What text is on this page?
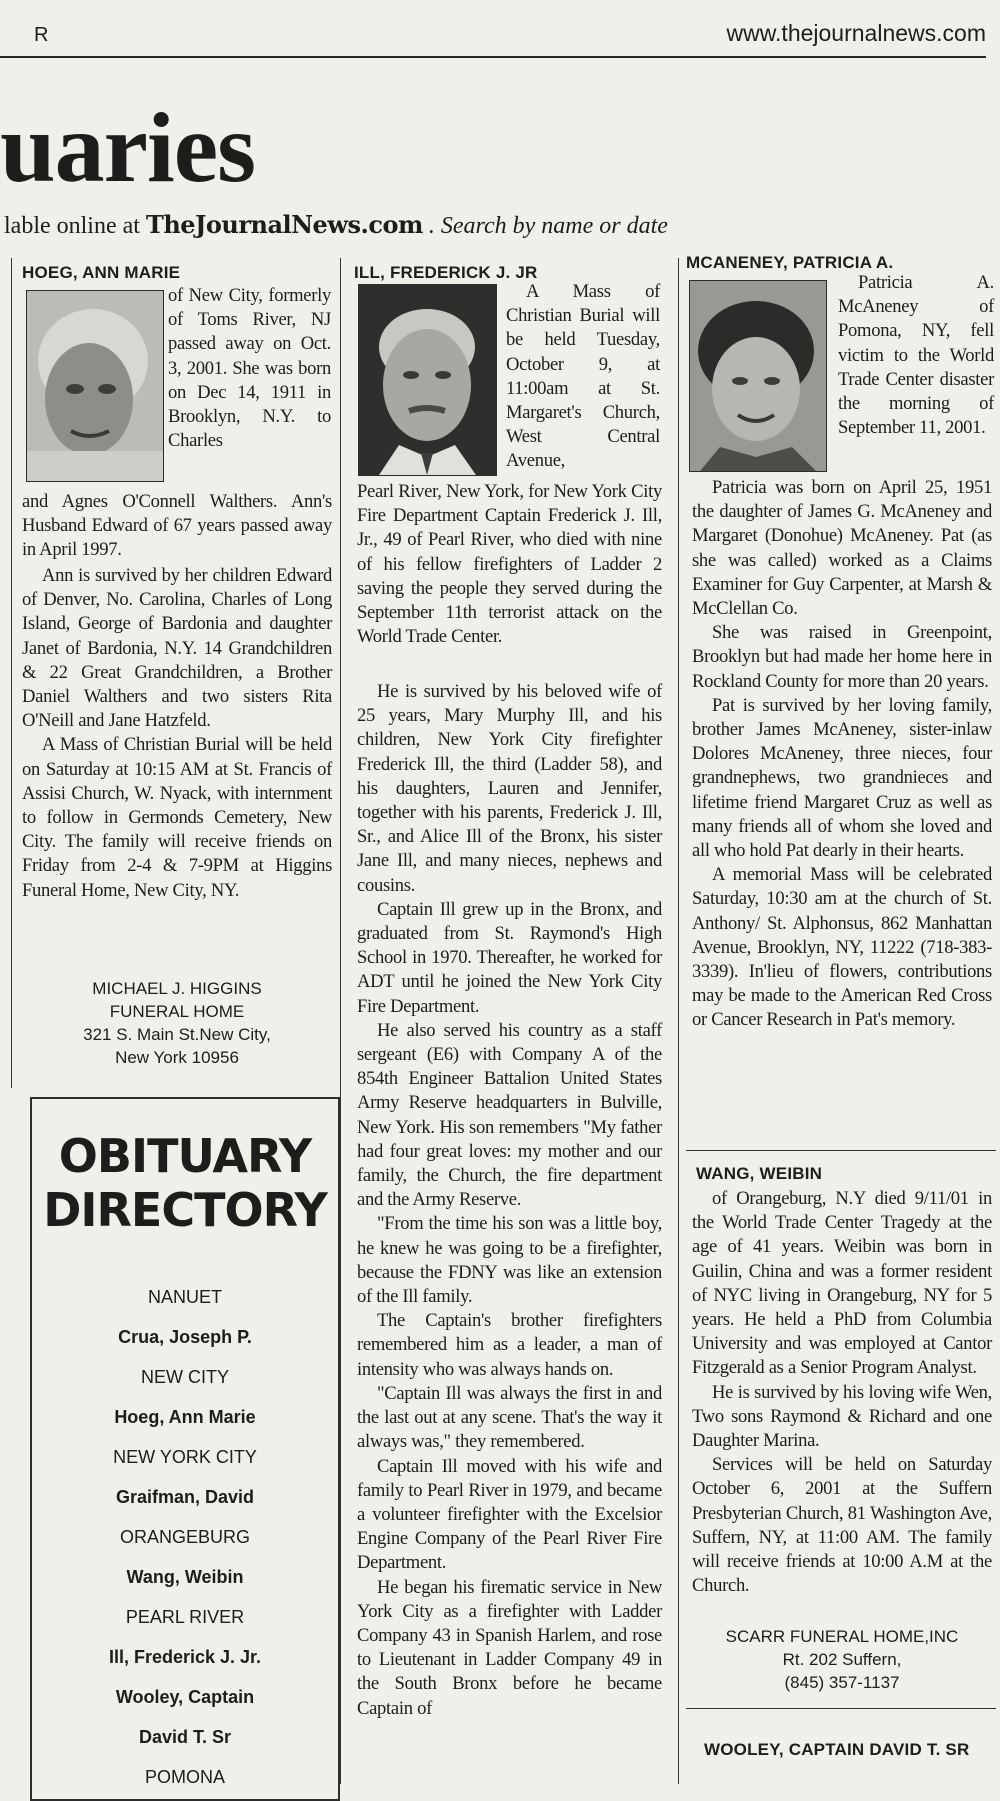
R	www.thejournalnews.com
uaries
lable online at TheJournalNews.com . Search by name or date
HOEG, ANN MARIE
of New City, formerly of Toms River, NJ passed away on Oct. 3, 2001. She was born on Dec 14, 1911 in Brooklyn, N.Y. to Charles
and Agnes O'Connell Walthers. Ann's Husband Edward of 67 years passed away in April 1997.

Ann is survived by her children Edward of Denver, No. Carolina, Charles of Long Island, George of Bardonia and daughter Janet of Bardonia, N.Y. 14 Grandchildren & 22 Great Grandchildren, a Brother Daniel Walthers and two sisters Rita O'Neill and Jane Hatzfeld.

A Mass of Christian Burial will be held on Saturday at 10:15 AM at St. Francis of Assisi Church, W. Nyack, with internment to follow in Germonds Cemetery, New City. The family will receive friends on Friday from 2-4 & 7-9PM at Higgins Funeral Home, New City, NY.

MICHAEL J. HIGGINS
FUNERAL HOME
321 S. Main St.New City,
New York 10956
OBITUARY
DIRECTORY
NANUET
Crua, Joseph P.
NEW CITY
Hoeg, Ann Marie
NEW YORK CITY
Graifman, David
ORANGEBURG
Wang, Weibin
PEARL RIVER
Ill, Frederick J. Jr.
Wooley, Captain
David T. Sr
POMONA
ILL, FREDERICK J. JR
A Mass of Christian Burial will be held Tuesday, October 9, at 11:00am at St. Margaret's Church, West Central Avenue,
Pearl River, New York, for New York City Fire Department Captain Frederick J. Ill, Jr., 49 of Pearl River, who died with nine of his fellow firefighters of Ladder 2 saving the people they served during the September 11th terrorist attack on the World Trade Center.

He is survived by his beloved wife of 25 years, Mary Murphy Ill, and his children, New York City firefighter Frederick Ill, the third (Ladder 58), and his daughters, Lauren and Jennifer, together with his parents, Frederick J. Ill, Sr., and Alice Ill of the Bronx, his sister Jane Ill, and many nieces, nephews and cousins.

Captain Ill grew up in the Bronx, and graduated from St. Raymond's High School in 1970. Thereafter, he worked for ADT until he joined the New York City Fire Department.

He also served his country as a staff sergeant (E6) with Company A of the 854th Engineer Battalion United States Army Reserve headquarters in Bulville, New York. His son remembers "My father had four great loves: my mother and our family, the Church, the fire department and the Army Reserve.

"From the time his son was a little boy, he knew he was going to be a firefighter, because the FDNY was like an extension of the Ill family.

The Captain's brother firefighters remembered him as a leader, a man of intensity who was always hands on.

"Captain Ill was always the first in and the last out at any scene. That's the way it always was," they remembered.

Captain Ill moved with his wife and family to Pearl River in 1979, and became a volunteer firefighter with the Excelsior Engine Company of the Pearl River Fire Department.

He began his firematic service in New York City as a firefighter with Ladder Company 43 in Spanish Harlem, and rose to Lieutenant in Ladder Company 49 in the South Bronx before he became Captain of

MCANENEY, PATRICIA A.
Patricia A. McAneney of Pomona, NY, fell victim to the World Trade Center disaster the morning of September 11, 2001.

Patricia was born on April 25, 1951 the daughter of James G. McAneney and Margaret (Donohue) McAneney. Pat (as she was called) worked as a Claims Examiner for Guy Carpenter, at Marsh & McClellan Co.

She was raised in Greenpoint, Brooklyn but had made her home here in Rockland County for more than 20 years.

Pat is survived by her loving family, brother James McAneney, sister-inlaw Dolores McAneney, three nieces, four grandnephews, two grandnieces and lifetime friend Margaret Cruz as well as many friends all of whom she loved and all who hold Pat dearly in their hearts.

A memorial Mass will be celebrated Saturday, 10:30 am at the church of St. Anthony/ St. Alphonsus, 862 Manhattan Avenue, Brooklyn, NY, 11222 (718-383-3339). In'lieu of flowers, contributions may be made to the American Red Cross or Cancer Research in Pat's memory.

WANG, WEIBIN

of Orangeburg, N.Y died 9/11/01 in the World Trade Center Tragedy at the age of 41 years. Weibin was born in Guilin, China and was a former resident of NYC living in Orangeburg, NY for 5 years. He held a PhD from Columbia University and was employed at Cantor Fitzgerald as a Senior Program Analyst.

He is survived by his loving wife Wen, Two sons Raymond & Richard and one Daughter Marina.

Services will be held on Saturday October 6, 2001 at the Suffern Presbyterian Church, 81 Washington Ave, Suffern, NY, at 11:00 AM. The family will receive friends at 10:00 A.M at the Church.

SCARR FUNERAL HOME,INC
Rt. 202 Suffern,
(845) 357-1137
WOOLEY, CAPTAIN DAVID T. SR
